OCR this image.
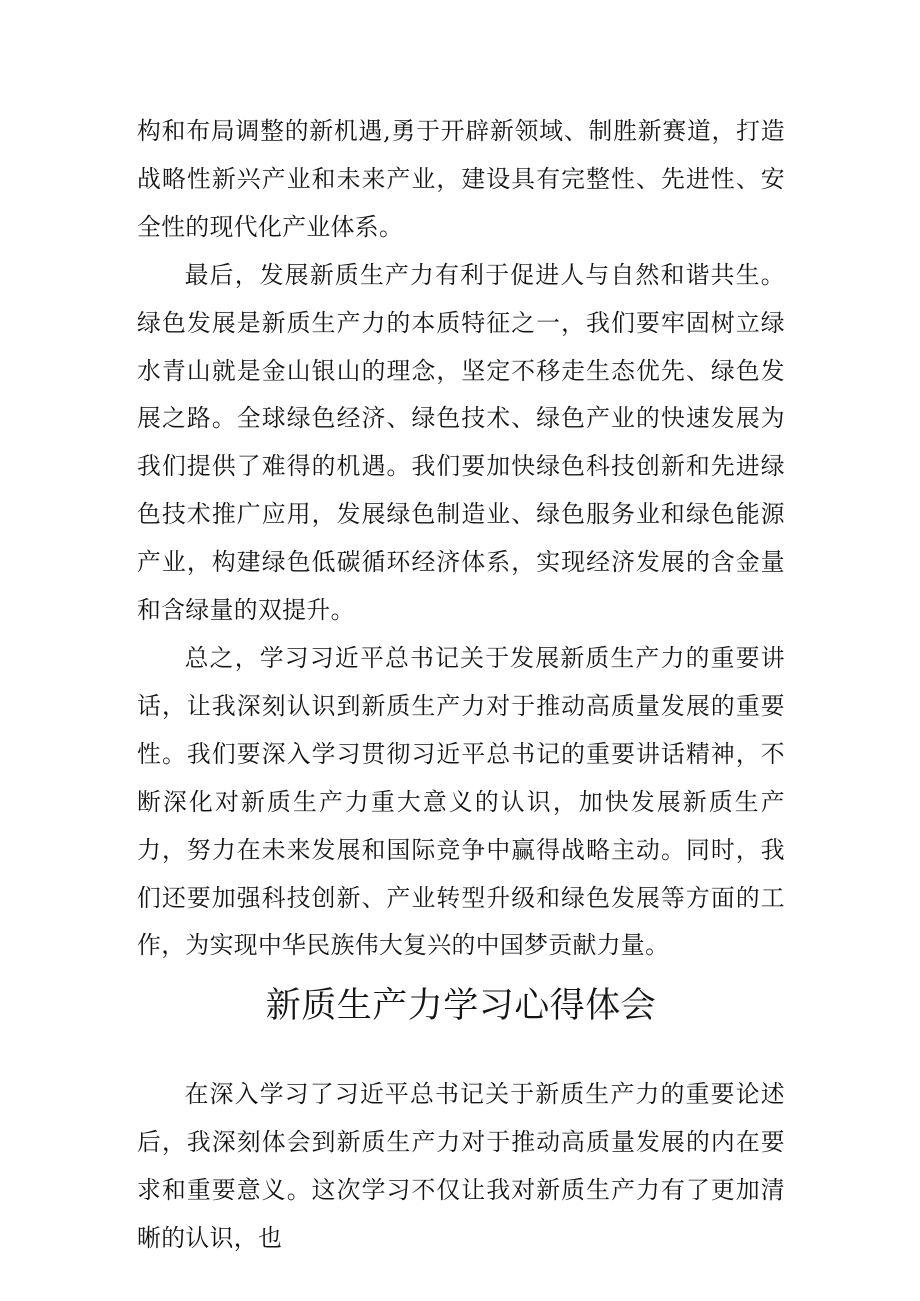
构和布局调整的新机遇,勇于开辟新领域、制胜新赛道，打造战略性新兴产业和未来产业，建设具有完整性、先进性、安全性的现代化产业体系。

最后，发展新质生产力有利于促进人与自然和谐共生。绿色发展是新质生产力的本质特征之一，我们要牢固树立绿水青山就是金山银山的理念，坚定不移走生态优先、绿色发展之路。全球绿色经济、绿色技术、绿色产业的快速发展为我们提供了难得的机遇。我们要加快绿色科技创新和先进绿色技术推广应用，发展绿色制造业、绿色服务业和绿色能源产业，构建绿色低碳循环经济体系，实现经济发展的含金量和含绿量的双提升。

总之，学习习近平总书记关于发展新质生产力的重要讲话，让我深刻认识到新质生产力对于推动高质量发展的重要性。我们要深入学习贯彻习近平总书记的重要讲话精神，不断深化对新质生产力重大意义的认识，加快发展新质生产力，努力在未来发展和国际竞争中赢得战略主动。同时，我们还要加强科技创新、产业转型升级和绿色发展等方面的工作，为实现中华民族伟大复兴的中国梦贡献力量。

新质生产力学习心得体会

在深入学习了习近平总书记关于新质生产力的重要论述后，我深刻体会到新质生产力对于推动高质量发展的内在要求和重要意义。这次学习不仅让我对新质生产力有了更加清晰的认识，也
